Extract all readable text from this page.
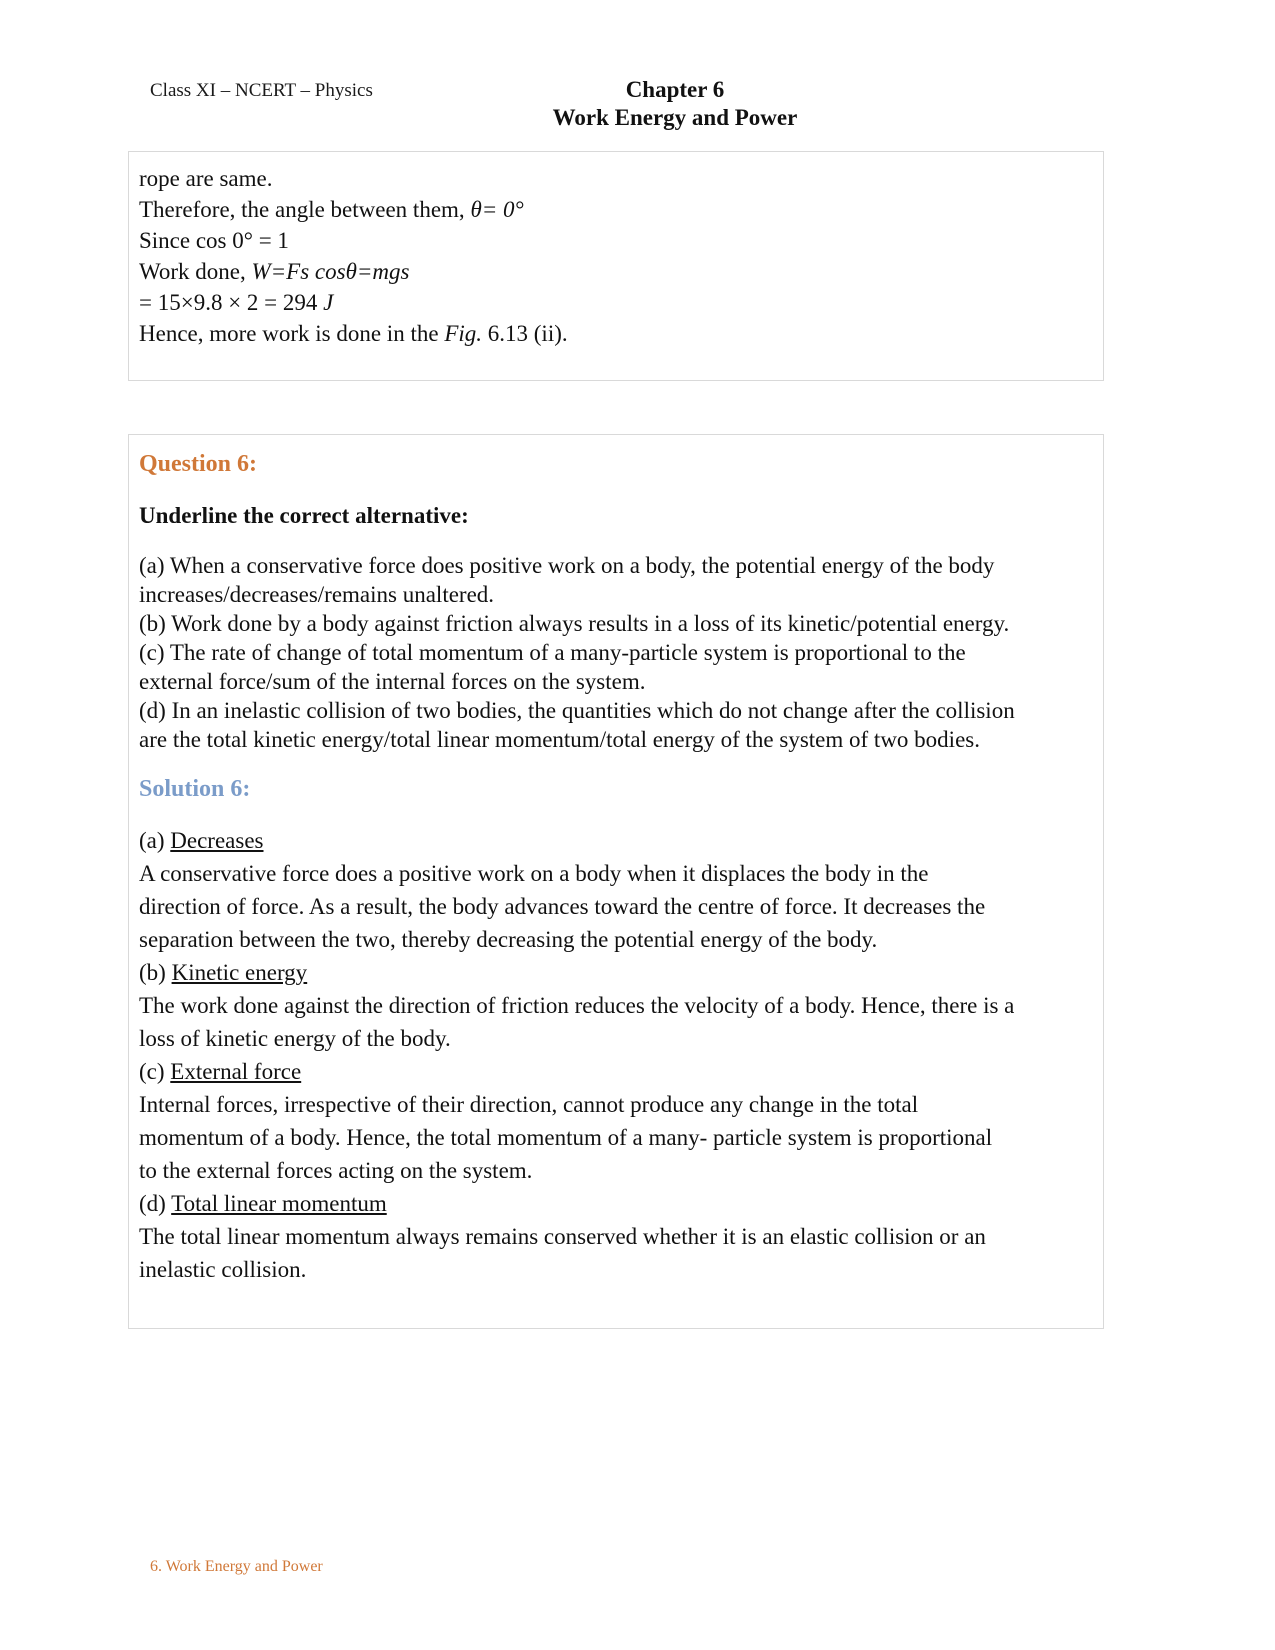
Class XI – NCERT – Physics	Chapter 6
Work Energy and Power

rope are same.

Therefore, the angle between them, θ= 0°

Since cos 0° = 1

Work done, W=Fs cosθ=mgs

= 15×9.8 × 2 = 294 J

Hence, more work is done in the Fig. 6.13 (ii).

Question 6:

Underline the correct alternative:

(a) When a conservative force does positive work on a body, the potential energy of the body

increases/decreases/remains unaltered.

(b) Work done by a body against friction always results in a loss of its kinetic/potential energy.

(c) The rate of change of total momentum of a many-particle system is proportional to the

external force/sum of the internal forces on the system.

(d) In an inelastic collision of two bodies, the quantities which do not change after the collision

are the total kinetic energy/total linear momentum/total energy of the system of two bodies.

Solution 6:

(a) Decreases

A conservative force does a positive work on a body when it displaces the body in the

direction of force. As a result, the body advances toward the centre of force. It decreases the

separation between the two, thereby decreasing the potential energy of the body.

(b) Kinetic energy

The work done against the direction of friction reduces the velocity of a body. Hence, there is a

loss of kinetic energy of the body.

(c) External force

Internal forces, irrespective of their direction, cannot produce any change in the total

momentum of a body. Hence, the total momentum of a many- particle system is proportional

to the external forces acting on the system.

(d) Total linear momentum

The total linear momentum always remains conserved whether it is an elastic collision or an

inelastic collision.

6. Work Energy and Power
